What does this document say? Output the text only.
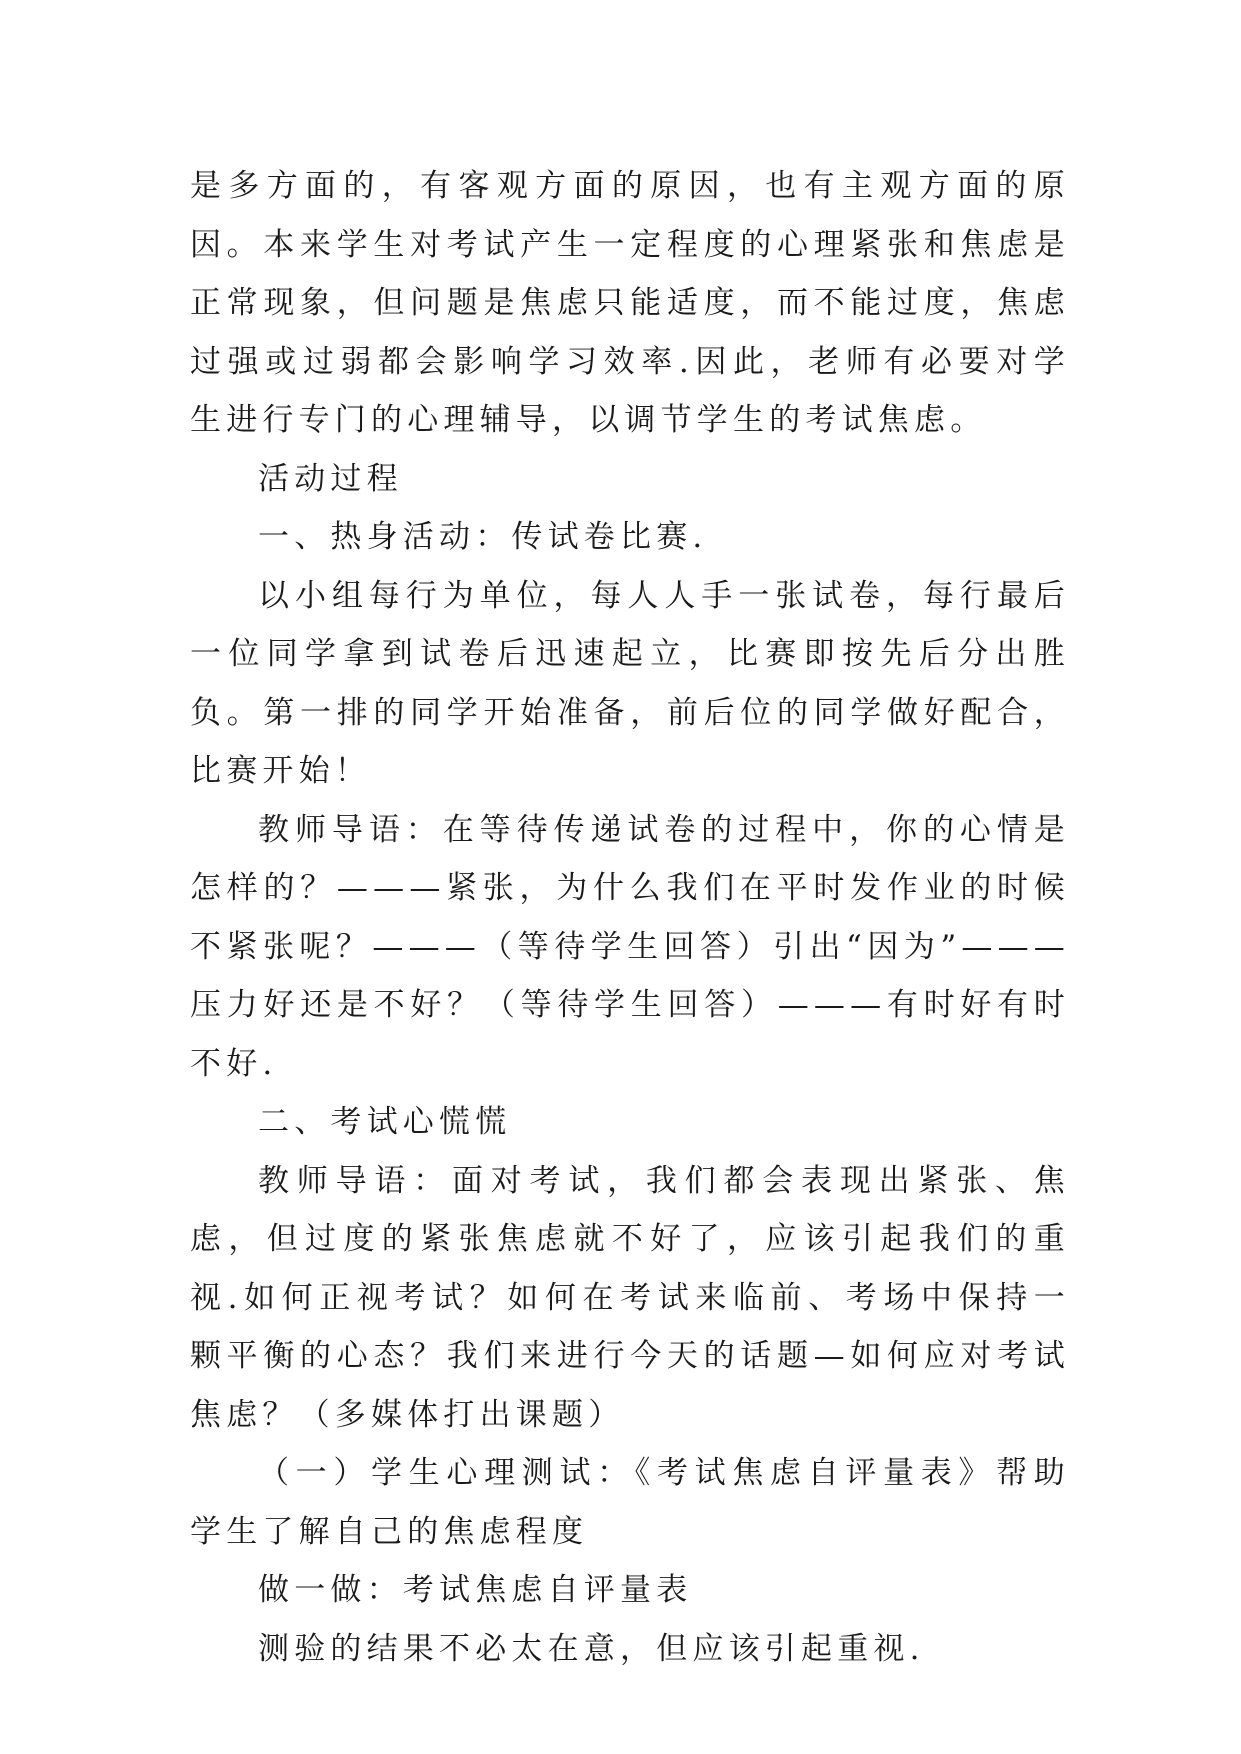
是多方面的，有客观方面的原因，也有主观方面的原因。本来学生对考试产生一定程度的心理紧张和焦虑是正常现象，但问题是焦虑只能适度，而不能过度，焦虑过强或过弱都会影响学习效率.因此，老师有必要对学生进行专门的心理辅导，以调节学生的考试焦虑。

活动过程

一、热身活动：传试卷比赛.

以小组每行为单位，每人人手一张试卷，每行最后一位同学拿到试卷后迅速起立，比赛即按先后分出胜负。第一排的同学开始准备，前后位的同学做好配合，比赛开始！

教师导语：在等待传递试卷的过程中，你的心情是怎样的？———紧张，为什么我们在平时发作业的时候不紧张呢？———（等待学生回答）引出“因为”———压力好还是不好？（等待学生回答）———有时好有时不好.

二、考试心慌慌

教师导语：面对考试，我们都会表现出紧张、焦虑，但过度的紧张焦虑就不好了，应该引起我们的重视.如何正视考试？如何在考试来临前、考场中保持一颗平衡的心态？我们来进行今天的话题—如何应对考试焦虑？（多媒体打出课题）

（一）学生心理测试：《考试焦虑自评量表》帮助学生了解自己的焦虑程度

做一做：考试焦虑自评量表

测验的结果不必太在意，但应该引起重视.
